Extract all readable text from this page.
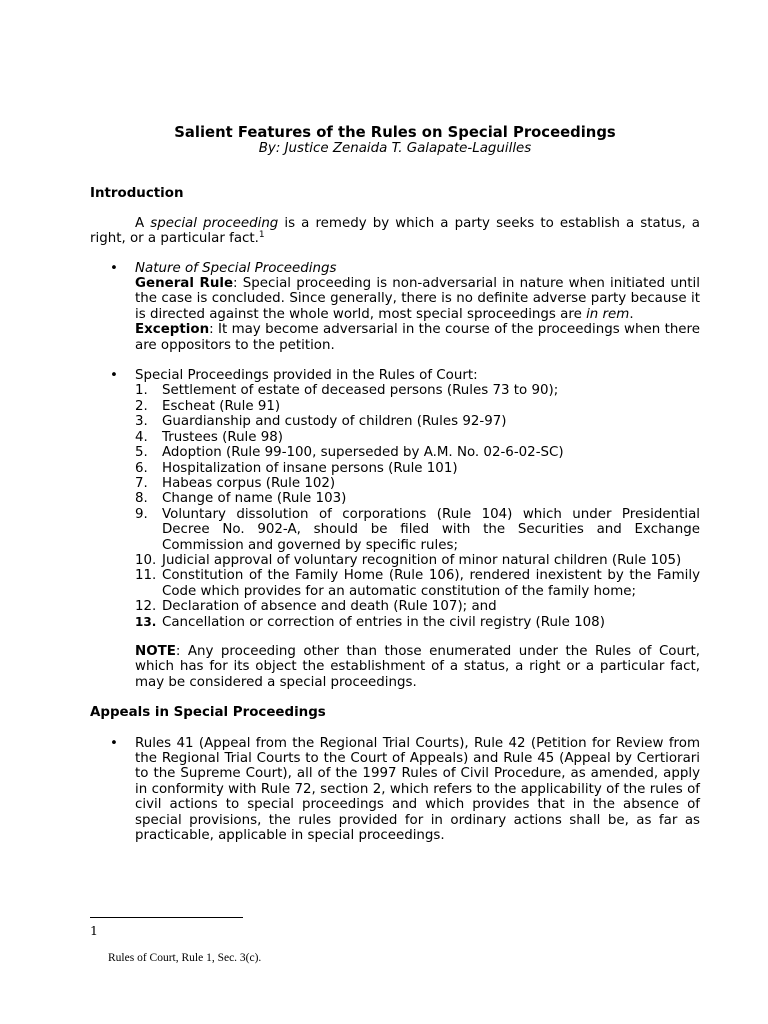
Salient Features of the Rules on Special Proceedings

By: Justice Zenaida T. Galapate-Laguilles

Introduction

A special proceeding is a remedy by which a party seeks to establish a status, a right, or a particular fact.$^1$

• Nature of Special Proceedings

General Rule: Special proceeding is non-adversarial in nature when initiated until the case is concluded. Since generally, there is no definite adverse party because it is directed against the whole world, most special sproceedings are in rem.

Exception: It may become adversarial in the course of the proceedings when there are oppositors to the petition.

• Special Proceedings provided in the Rules of Court:

1. Settlement of estate of deceased persons (Rules 73 to 90);
2. Escheat (Rule 91)
3. Guardianship and custody of children (Rules 92-97)
4. Trustees (Rule 98)
5. Adoption (Rule 99-100, superseded by A.M. No. 02-6-02-SC)
6. Hospitalization of insane persons (Rule 101)
7. Habeas corpus (Rule 102)
8. Change of name (Rule 103)
9. Voluntary dissolution of corporations (Rule 104) which under Presidential Decree No. 902-A, should be filed with the Securities and Exchange Commission and governed by specific rules;
10. Judicial approval of voluntary recognition of minor natural children (Rule 105)
11. Constitution of the Family Home (Rule 106), rendered inexistent by the Family Code which provides for an automatic constitution of the family home;
12. Declaration of absence and death (Rule 107); and
13. Cancellation or correction of entries in the civil registry (Rule 108)

NOTE: Any proceeding other than those enumerated under the Rules of Court, which has for its object the establishment of a status, a right or a particular fact, may be considered a special proceedings.

Appeals in Special Proceedings

• Rules 41 (Appeal from the Regional Trial Courts), Rule 42 (Petition for Review from the Regional Trial Courts to the Court of Appeals) and Rule 45 (Appeal by Certiorari to the Supreme Court), all of the 1997 Rules of Civil Procedure, as amended, apply in conformity with Rule 72, section 2, which refers to the applicability of the rules of civil actions to special proceedings and which provides that in the absence of special provisions, the rules provided for in ordinary actions shall be, as far as practicable, applicable in special proceedings.

1
Rules of Court, Rule 1, Sec. 3(c).
